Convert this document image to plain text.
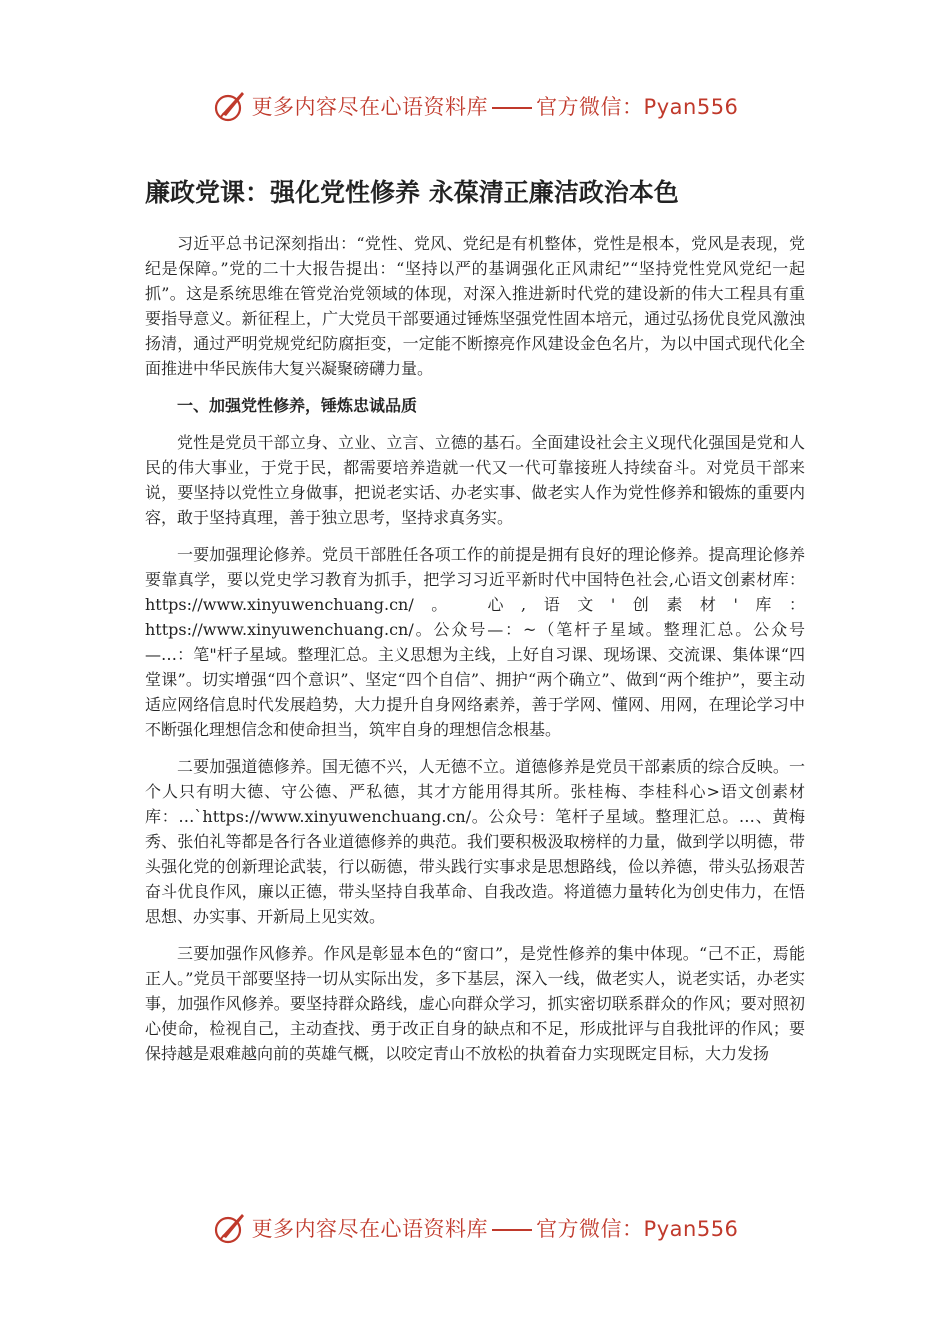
更多内容尽在心语资料库 官方微信：Pyan556
廉政党课：强化党性修养 永葆清正廉洁政治本色

习近平总书记深刻指出：“党性、党风、党纪是有机整体，党性是根本，党风是表现，党纪是保障。”党的二十大报告提出：“坚持以严的基调强化正风肃纪”“坚持党性党风党纪一起抓”。这是系统思维在管党治党领域的体现，对深入推进新时代党的建设新的伟大工程具有重要指导意义。新征程上，广大党员干部要通过锤炼坚强党性固本培元，通过弘扬优良党风激浊扬清，通过严明党规党纪防腐拒变，一定能不断擦亮作风建设金色名片，为以中国式现代化全面推进中华民族伟大复兴凝聚磅礴力量。

一、加强党性修养，锤炼忠诚品质

党性是党员干部立身、立业、立言、立德的基石。全面建设社会主义现代化强国是党和人民的伟大事业，于党于民，都需要培养造就一代又一代可靠接班人持续奋斗。对党员干部来说，要坚持以党性立身做事，把说老实话、办老实事、做老实人作为党性修养和锻炼的重要内容，敢于坚持真理，善于独立思考，坚持求真务实。

一要加强理论修养。党员干部胜任各项工作的前提是拥有良好的理论修养。提高理论修养要靠真学，要以党史学习教育为抓手，把学习习近平新时代中国特色社会,心语文创素材库： https://www.xinyuwenchuang.cn/。 心,语文'创素材'库：https://www.xinyuwenchuang.cn/。公众号—：~（笔杆子星域。整理汇总。公众号—…：笔"杆子星域。整理汇总。主义思想为主线，上好自习课、现场课、交流课、集体课“四堂课”。切实增强“四个意识”、坚定“四个自信”、拥护“两个确立”、做到“两个维护”，要主动适应网络信息时代发展趋势，大力提升自身网络素养，善于学网、懂网、用网，在理论学习中不断强化理想信念和使命担当，筑牢自身的理想信念根基。

二要加强道德修养。国无德不兴，人无德不立。道德修养是党员干部素质的综合反映。一个人只有明大德、守公德、严私德，其才方能用得其所。张桂梅、李桂科心>语文创素材库：…`https://www.xinyuwenchuang.cn/。公众号：笔杆子星域。整理汇总。…、黄梅秀、张伯礼等都是各行各业道德修养的典范。我们要积极汲取榜样的力量，做到学以明德，带头强化党的创新理论武装，行以砺德，带头践行实事求是思想路线，俭以养德，带头弘扬艰苦奋斗优良作风，廉以正德，带头坚持自我革命、自我改造。将道德力量转化为创史伟力，在悟思想、办实事、开新局上见实效。

三要加强作风修养。作风是彰显本色的“窗口”，是党性修养的集中体现。“己不正，焉能正人。”党员干部要坚持一切从实际出发，多下基层，深入一线，做老实人，说老实话，办老实事，加强作风修养。要坚持群众路线，虚心向群众学习，抓实密切联系群众的作风；要对照初心使命，检视自己，主动查找、勇于改正自身的缺点和不足，形成批评与自我批评的作风；要保持越是艰难越向前的英雄气概，以咬定青山不放松的执着奋力实现既定目标，大力发扬

更多内容尽在心语资料库 官方微信：Pyan556
